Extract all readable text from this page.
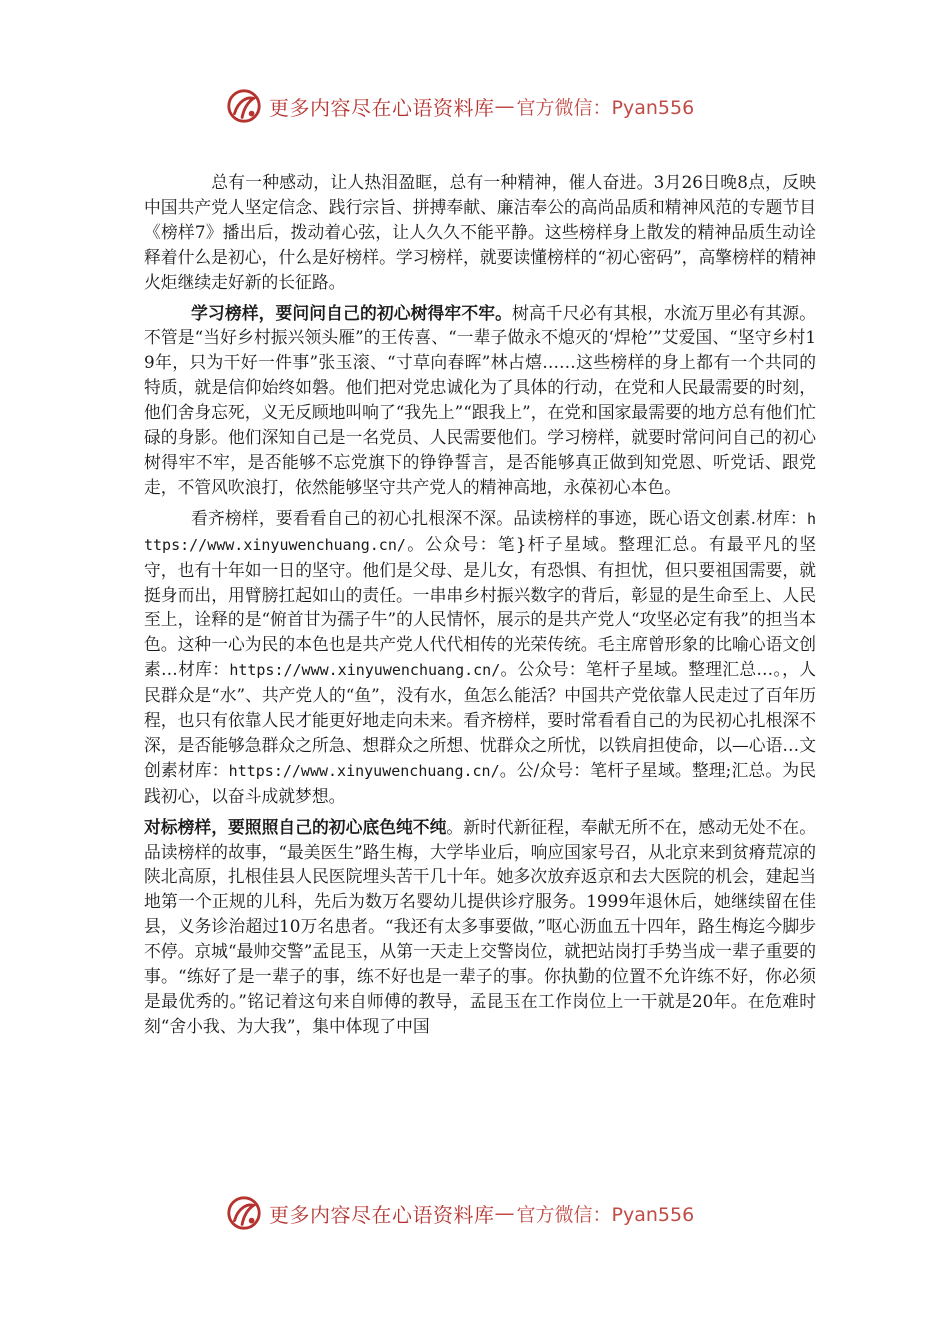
更多内容尽在心语资料库 — 官方微信：Pyan556

总有一种感动，让人热泪盈眶，总有一种精神，催人奋进。3月26日晚8点，反映中国共产党人坚定信念、践行宗旨、拼搏奉献、廉洁奉公的高尚品质和精神风范的专题节目《榜样7》播出后，拨动着心弦，让人久久不能平静。这些榜样身上散发的精神品质生动诠释着什么是初心，什么是好榜样。学习榜样，就要读懂榜样的“初心密码”，高擎榜样的精神火炬继续走好新的长征路。

学习榜样，要问问自己的初心树得牢不牢。树高千尺必有其根，水流万里必有其源。不管是“当好乡村振兴领头雁”的王传喜、“一辈子做永不熄灭的‘焊枪’”艾爱国、“坚守乡村19年，只为干好一件事”张玉滚、“寸草向春晖”林占熺……这些榜样的身上都有一个共同的特质，就是信仰始终如磐。他们把对党忠诚化为了具体的行动，在党和人民最需要的时刻，他们舍身忘死，义无反顾地叫响了“我先上”“跟我上”，在党和国家最需要的地方总有他们忙碌的身影。他们深知自己是一名党员、人民需要他们。学习榜样，就要时常问问自己的初心树得牢不牢，是否能够不忘党旗下的铮铮誓言，是否能够真正做到知党恩、听党话、跟党走，不管风吹浪打，依然能够坚守共产党人的精神高地，永葆初心本色。

看齐榜样，要看看自己的初心扎根深不深。品读榜样的事迹，既心语文创素.材库：https://www.xinyuwenchuang.cn/。公众号：笔}杆子星域。整理汇总。有最平凡的坚守，也有十年如一日的坚守。他们是父母、是儿女，有恐惧、有担忧，但只要祖国需要，就挺身而出，用臂膀扛起如山的责任。一串串乡村振兴数字的背后，彰显的是生命至上、人民至上，诠释的是“俯首甘为孺子牛”的人民情怀，展示的是共产党人“攻坚必定有我”的担当本色。这种一心为民的本色也是共产党人代代相传的光荣传统。毛主席曾形象的比喻心语文创素…材库：https://www.xinyuwenchuang.cn/。公众号：笔杆子星域。整理汇总…。，人民群众是“水”、共产党人的“鱼”，没有水，鱼怎么能活？中国共产党依靠人民走过了百年历程，也只有依靠人民才能更好地走向未来。看齐榜样，要时常看看自己的为民初心扎根深不深，是否能够急群众之所急、想群众之所想、忧群众之所忧，以铁肩担使命，以—心语…文创素材库：https://www.xinyuwenchuang.cn/。公/众号：笔杆子星域。整理;汇总。为民践初心，以奋斗成就梦想。

对标榜样，要照照自己的初心底色纯不纯。新时代新征程，奉献无所不在，感动无处不在。品读榜样的故事，“最美医生”路生梅，大学毕业后，响应国家号召，从北京来到贫瘠荒凉的陕北高原，扎根佳县人民医院埋头苦干几十年。她多次放弃返京和去大医院的机会，建起当地第一个正规的儿科，先后为数万名婴幼儿提供诊疗服务。1999年退休后，她继续留在佳县，义务诊治超过10万名患者。“我还有太多事要做，”呕心沥血五十四年，路生梅迄今脚步不停。京城“最帅交警”孟昆玉，从第一天走上交警岗位，就把站岗打手势当成一辈子重要的事。“练好了是一辈子的事，练不好也是一辈子的事。你执勤的位置不允许练不好，你必须是最优秀的。”铭记着这句来自师傅的教导，孟昆玉在工作岗位上一干就是20年。在危难时刻“舍小我、为大我”，集中体现了中国

更多内容尽在心语资料库 — 官方微信：Pyan556
